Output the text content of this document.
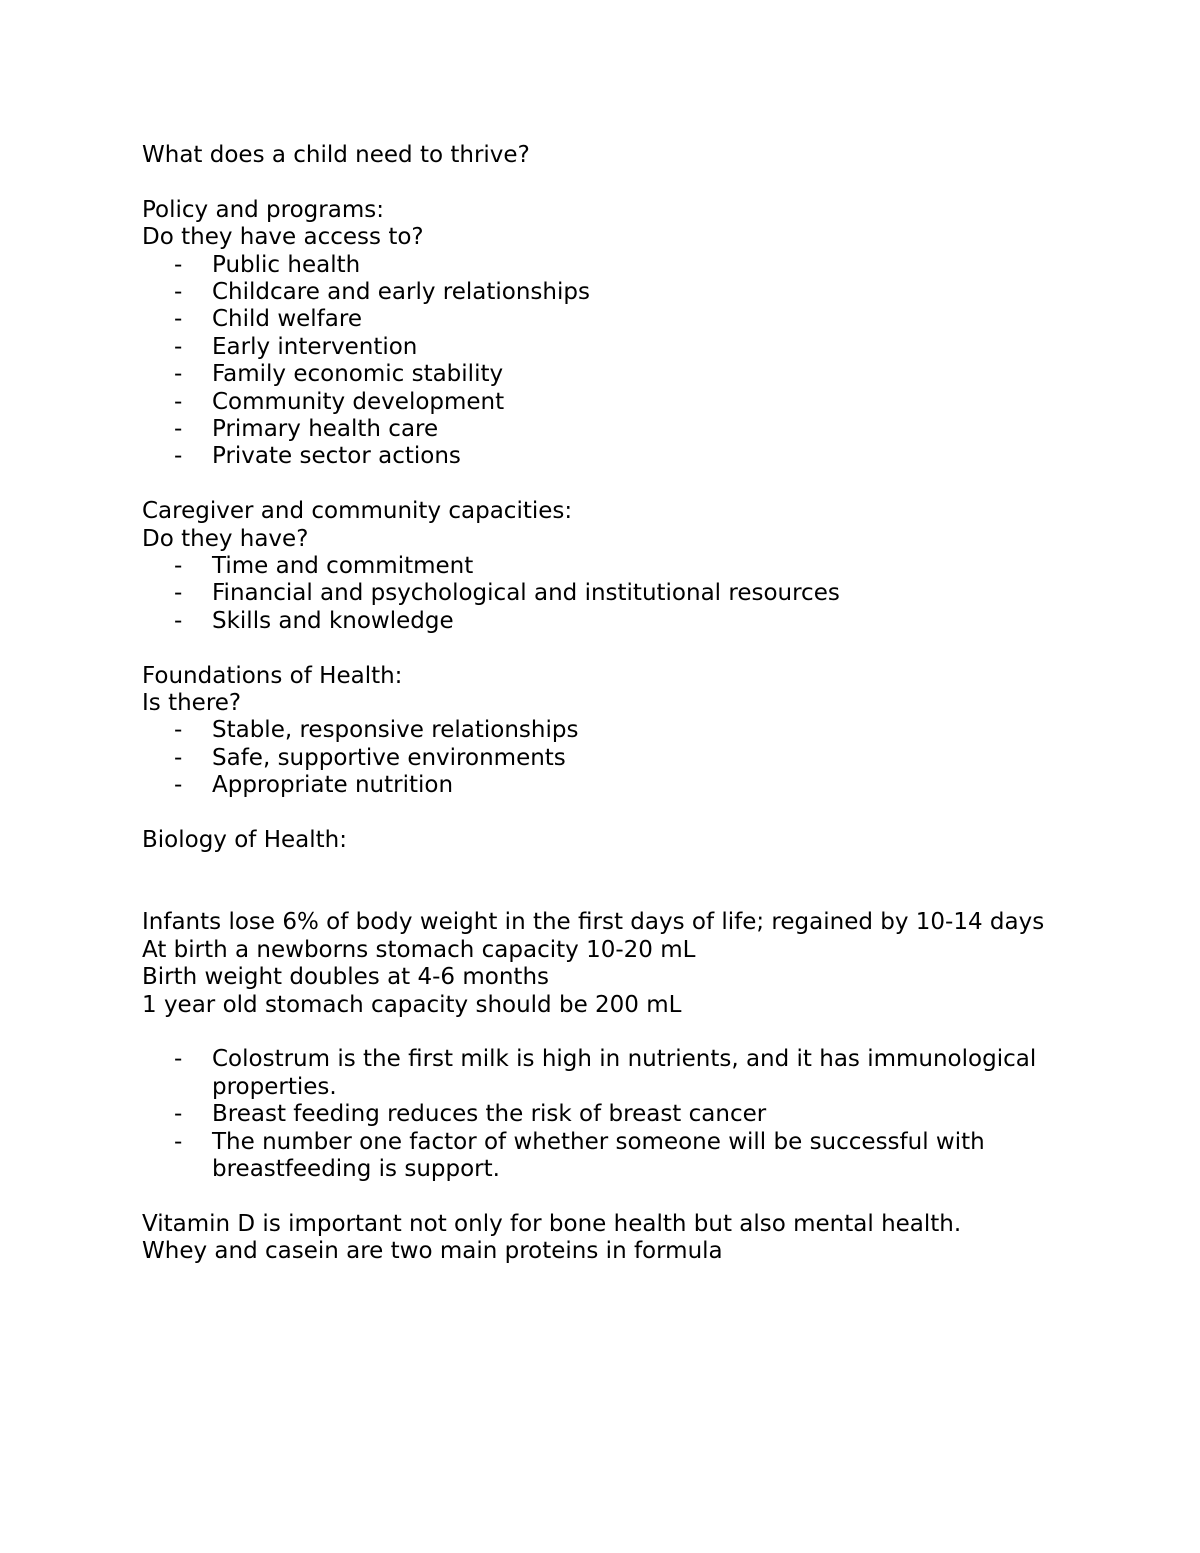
What does a child need to thrive?

Policy and programs:

Do they have access to?

- Public health
- Childcare and early relationships
- Child welfare
- Early intervention
- Family economic stability
- Community development
- Primary health care
- Private sector actions

Caregiver and community capacities:

Do they have?

- Time and commitment
- Financial and psychological and institutional resources
- Skills and knowledge

Foundations of Health:

Is there?

- Stable, responsive relationships
- Safe, supportive environments
- Appropriate nutrition

Biology of Health:

Infants lose 6% of body weight in the first days of life; regained by 10-14 days

At birth a newborns stomach capacity 10-20 mL

Birth weight doubles at 4-6 months

1 year old stomach capacity should be 200 mL

- Colostrum is the first milk is high in nutrients, and it has immunological properties.
- Breast feeding reduces the risk of breast cancer
- The number one factor of whether someone will be successful with breastfeeding is support.

Vitamin D is important not only for bone health but also mental health.

Whey and casein are two main proteins in formula
